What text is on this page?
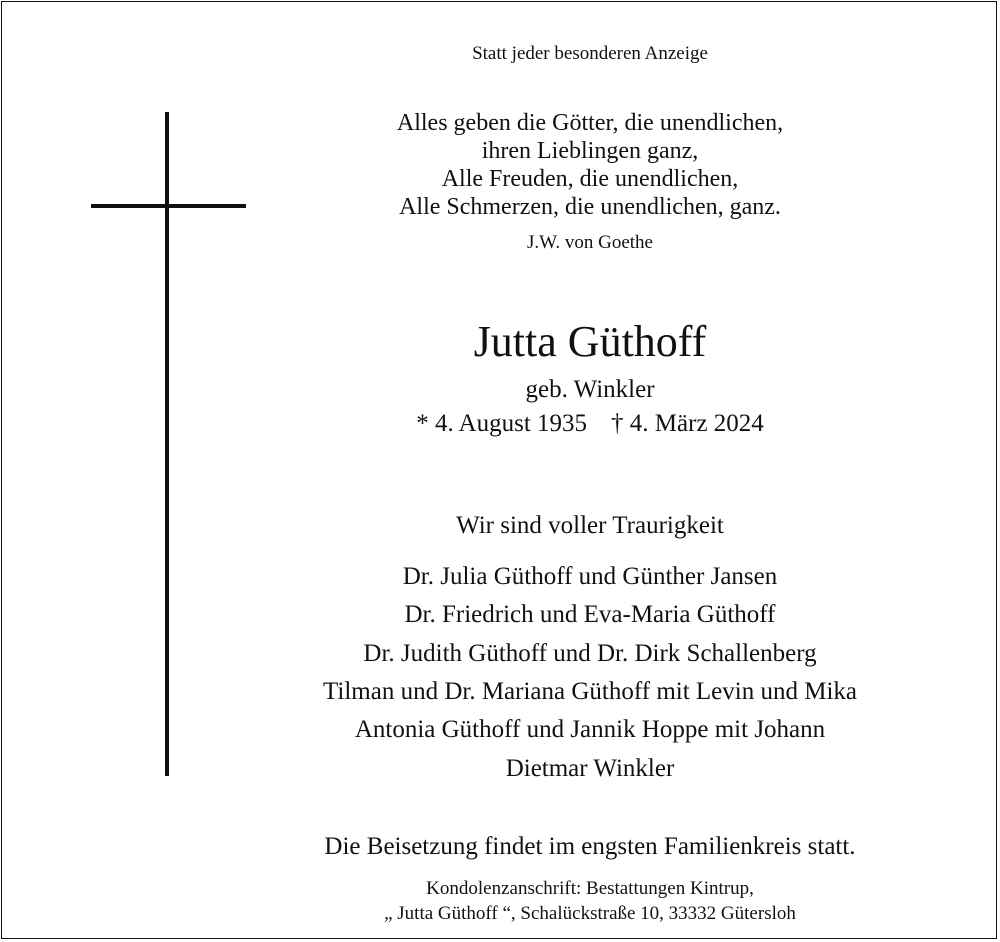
Statt jeder besonderen Anzeige
Alles geben die Götter, die unendlichen,
ihren Lieblingen ganz,
Alle Freuden, die unendlichen,
Alle Schmerzen, die unendlichen, ganz.
J.W. von Goethe
Jutta Güthoff
geb. Winkler
* 4. August 1935 † 4. März 2024
Wir sind voller Traurigkeit
Dr. Julia Güthoff und Günther Jansen
Dr. Friedrich und Eva-Maria Güthoff
Dr. Judith Güthoff und Dr. Dirk Schallenberg
Tilman und Dr. Mariana Güthoff mit Levin und Mika
Antonia Güthoff und Jannik Hoppe mit Johann
Dietmar Winkler
Die Beisetzung findet im engsten Familienkreis statt.
Kondolenzanschrift: Bestattungen Kintrup,
„ Jutta Güthoff “, Schalückstraße 10, 33332 Gütersloh
